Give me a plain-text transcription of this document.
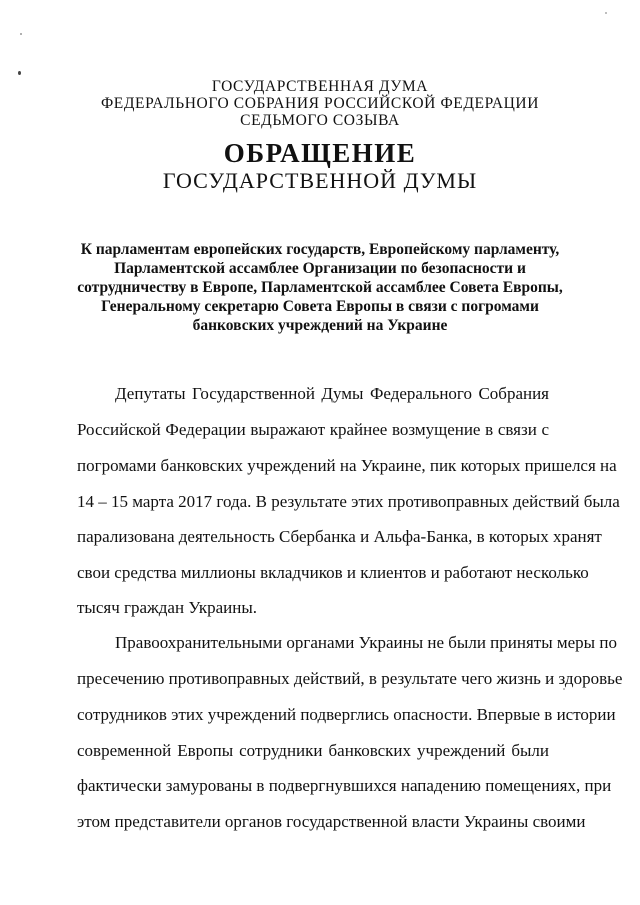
ГОСУДАРСТВЕННАЯ ДУМА
ФЕДЕРАЛЬНОГО СОБРАНИЯ РОССИЙСКОЙ ФЕДЕРАЦИИ
СЕДЬМОГО СОЗЫВА
ОБРАЩЕНИЕ
ГОСУДАРСТВЕННОЙ ДУМЫ
К парламентам европейских государств, Европейскому парламенту,
Парламентской ассамблее Организации по безопасности и
сотрудничеству в Европе, Парламентской ассамблее Совета Европы,
Генеральному секретарю Совета Европы в связи с погромами
банковских учреждений на Украине
Депутаты Государственной Думы Федерального Собрания
Российской Федерации выражают крайнее возмущение в связи с
погромами банковских учреждений на Украине, пик которых пришелся на
14 – 15 марта 2017 года. В результате этих противоправных действий была
парализована деятельность Сбербанка и Альфа-Банка, в которых хранят
свои средства миллионы вкладчиков и клиентов и работают несколько
тысяч граждан Украины.
Правоохранительными органами Украины не были приняты меры по
пресечению противоправных действий, в результате чего жизнь и здоровье
сотрудников этих учреждений подверглись опасности. Впервые в истории
современной Европы сотрудники банковских учреждений были
фактически замурованы в подвергнувшихся нападению помещениях, при
этом представители органов государственной власти Украины своими
